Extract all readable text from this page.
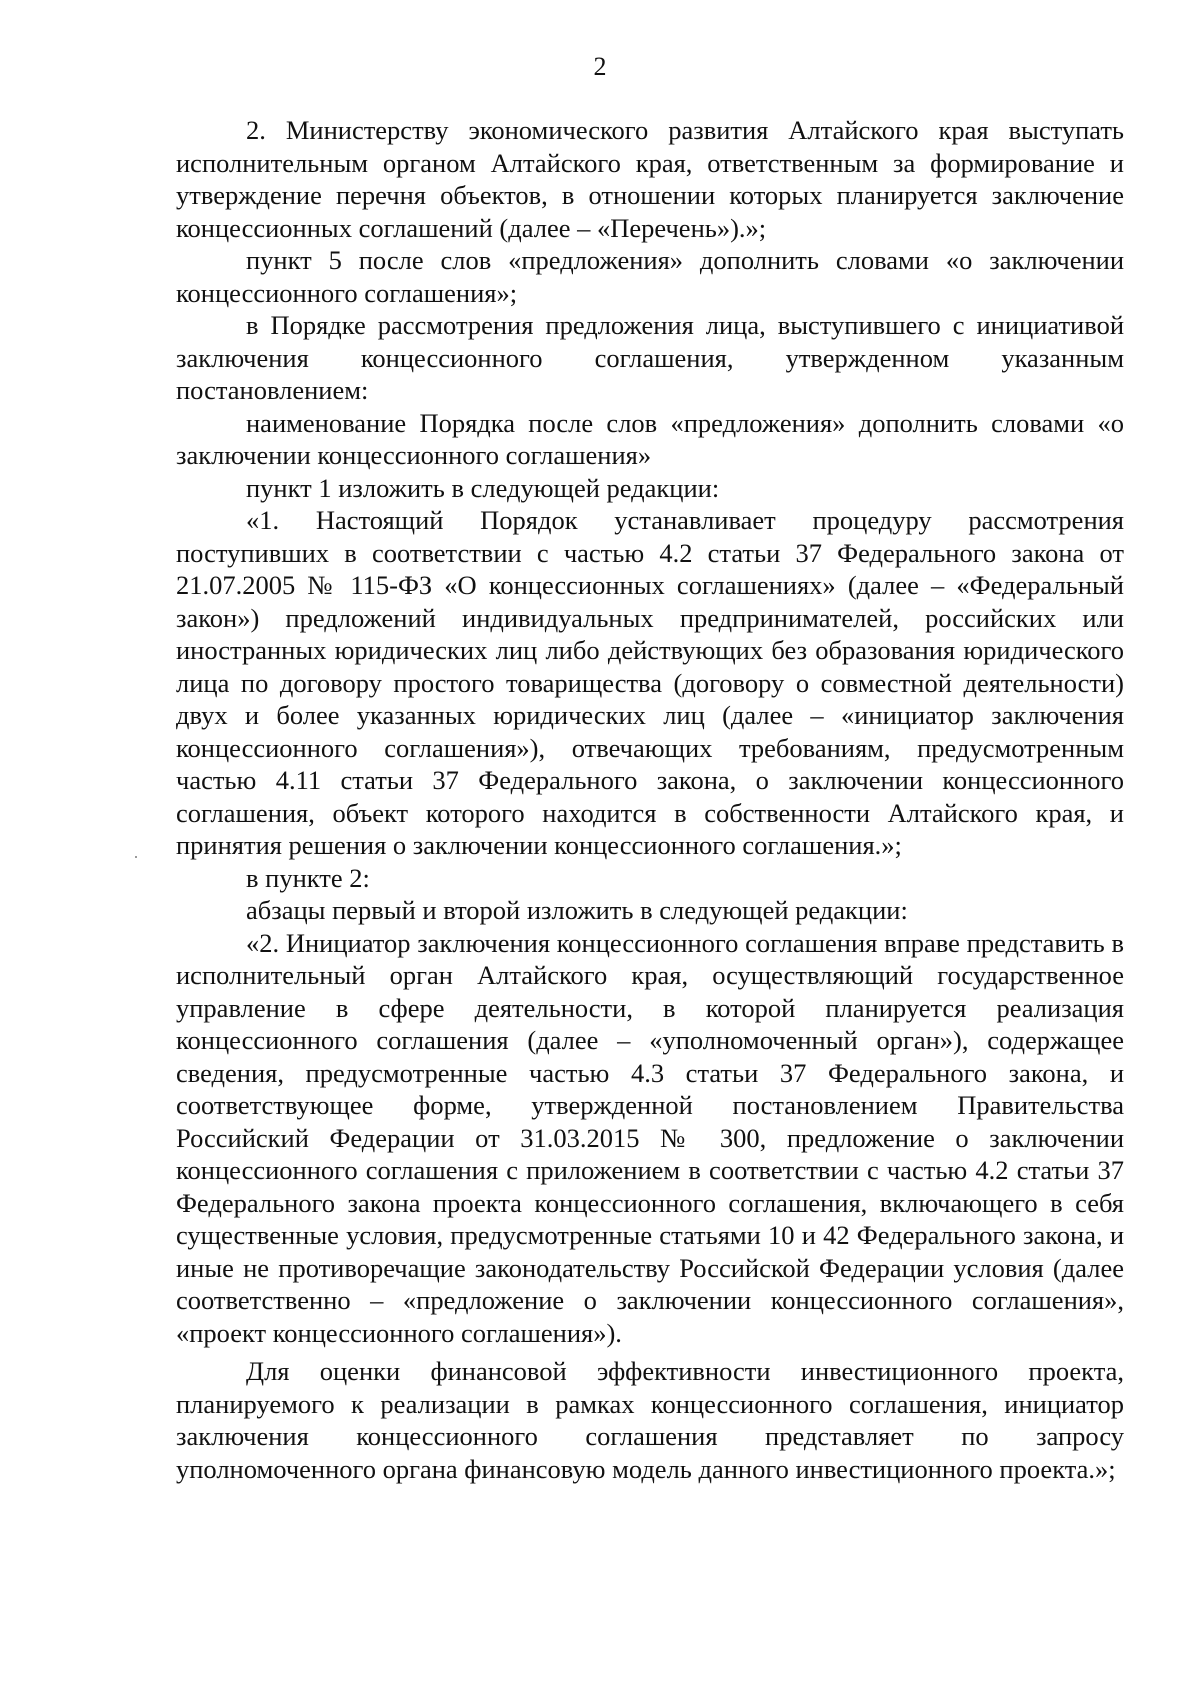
2

2. Министерству экономического развития Алтайского края выступать исполнительным органом Алтайского края, ответственным за формирование и утверждение перечня объектов, в отношении которых планируется заключение концессионных соглашений (далее – «Перечень»).»;

пункт 5 после слов «предложения» дополнить словами «о заключении концессионного соглашения»;

в Порядке рассмотрения предложения лица, выступившего с инициативой заключения концессионного соглашения, утвержденном указанным постановлением:

наименование Порядка после слов «предложения» дополнить словами «о заключении концессионного соглашения»

пункт 1 изложить в следующей редакции:

«1. Настоящий Порядок устанавливает процедуру рассмотрения поступивших в соответствии с частью 4.2 статьи 37 Федерального закона от 21.07.2005 № 115-ФЗ «О концессионных соглашениях» (далее – «Федеральный закон») предложений индивидуальных предпринимателей, российских или иностранных юридических лиц либо действующих без образования юридического лица по договору простого товарищества (договору о совместной деятельности) двух и более указанных юридических лиц (далее – «инициатор заключения концессионного соглашения»), отвечающих требованиям, предусмотренным частью 4.11 статьи 37 Федерального закона, о заключении концессионного соглашения, объект которого находится в собственности Алтайского края, и принятия решения о заключении концессионного соглашения.»;

в пункте 2:

абзацы первый и второй изложить в следующей редакции:

«2. Инициатор заключения концессионного соглашения вправе представить в исполнительный орган Алтайского края, осуществляющий государственное управление в сфере деятельности, в которой планируется реализация концессионного соглашения (далее – «уполномоченный орган»), содержащее сведения, предусмотренные частью 4.3 статьи 37 Федерального закона, и соответствующее форме, утвержденной постановлением Правительства Российский Федерации от 31.03.2015 № 300, предложение о заключении концессионного соглашения с приложением в соответствии с частью 4.2 статьи 37 Федерального закона проекта концессионного соглашения, включающего в себя существенные условия, предусмотренные статьями 10 и 42 Федерального закона, и иные не противоречащие законодательству Российской Федерации условия (далее соответственно – «предложение о заключении концессионного соглашения», «проект концессионного соглашения»).

Для оценки финансовой эффективности инвестиционного проекта, планируемого к реализации в рамках концессионного соглашения, инициатор заключения концессионного соглашения представляет по запросу уполномоченного органа финансовую модель данного инвестиционного проекта.»;
